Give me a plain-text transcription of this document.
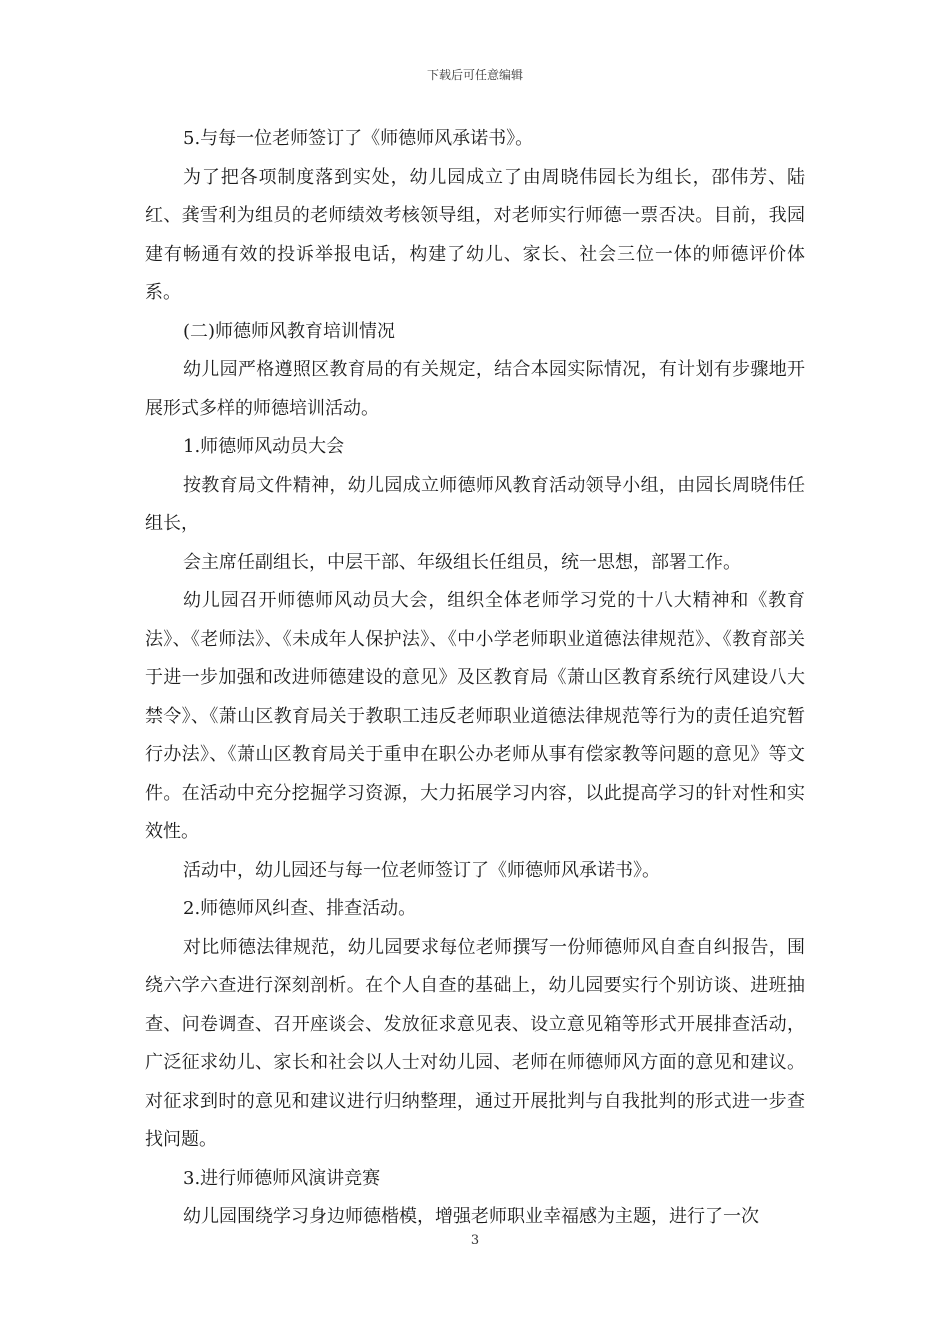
下载后可任意编辑

5.与每一位老师签订了《师德师风承诺书》。

为了把各项制度落到实处，幼儿园成立了由周晓伟园长为组长，邵伟芳、陆红、龚雪利为组员的老师绩效考核领导组，对老师实行师德一票否决。目前，我园建有畅通有效的投诉举报电话，构建了幼儿、家长、社会三位一体的师德评价体系。

(二)师德师风教育培训情况

幼儿园严格遵照区教育局的有关规定，结合本园实际情况，有计划有步骤地开展形式多样的师德培训活动。

1.师德师风动员大会

按教育局文件精神，幼儿园成立师德师风教育活动领导小组，由园长周晓伟任组长，

会主席任副组长，中层干部、年级组长任组员，统一思想，部署工作。

幼儿园召开师德师风动员大会，组织全体老师学习党的十八大精神和《教育法》、《老师法》、《未成年人保护法》、《中小学老师职业道德法律规范》、《教育部关于进一步加强和改进师德建设的意见》及区教育局《萧山区教育系统行风建设八大禁令》、《萧山区教育局关于教职工违反老师职业道德法律规范等行为的责任追究暂行办法》、《萧山区教育局关于重申在职公办老师从事有偿家教等问题的意见》等文件。在活动中充分挖掘学习资源，大力拓展学习内容，以此提高学习的针对性和实效性。

活动中，幼儿园还与每一位老师签订了《师德师风承诺书》。

2.师德师风纠查、排查活动。

对比师德法律规范，幼儿园要求每位老师撰写一份师德师风自查自纠报告，围绕六学六查进行深刻剖析。在个人自查的基础上，幼儿园要实行个别访谈、进班抽查、问卷调查、召开座谈会、发放征求意见表、设立意见箱等形式开展排查活动，广泛征求幼儿、家长和社会以人士对幼儿园、老师在师德师风方面的意见和建议。对征求到时的意见和建议进行归纳整理，通过开展批判与自我批判的形式进一步查找问题。

3.进行师德师风演讲竞赛

幼儿园围绕学习身边师德楷模，增强老师职业幸福感为主题，进行了一次

3
